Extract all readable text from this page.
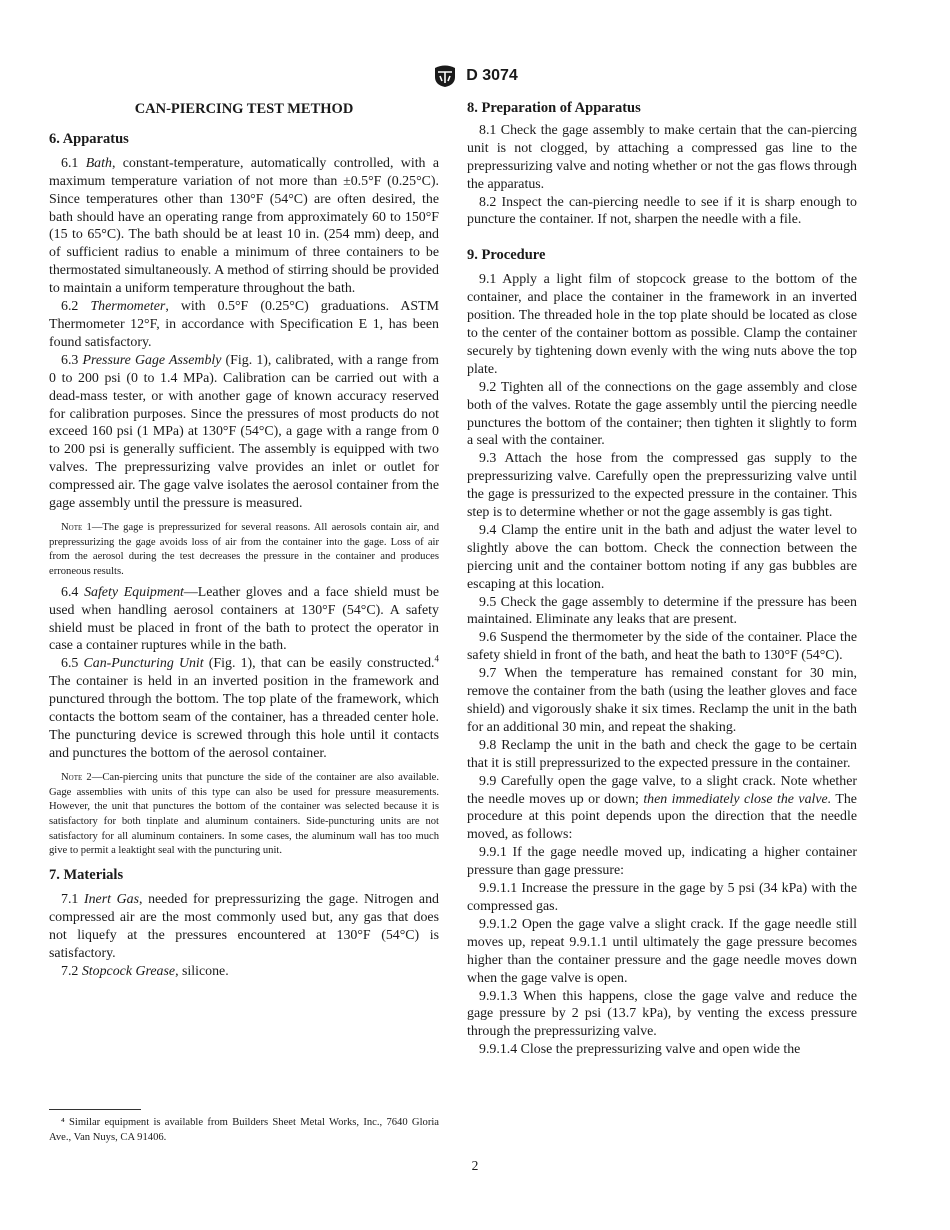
D 3074
CAN-PIERCING TEST METHOD
6. Apparatus

6.1 Bath, constant-temperature, automatically controlled, with a maximum temperature variation of not more than ±0.5°F (0.25°C). Since temperatures other than 130°F (54°C) are often desired, the bath should have an operating range from approximately 60 to 150°F (15 to 65°C). The bath should be at least 10 in. (254 mm) deep, and of sufficient radius to enable a minimum of three containers to be thermostated simultaneously. A method of stirring should be provided to maintain a uniform temperature throughout the bath.

6.2 Thermometer, with 0.5°F (0.25°C) graduations. ASTM Thermometer 12°F, in accordance with Specification E 1, has been found satisfactory.

6.3 Pressure Gage Assembly (Fig. 1), calibrated, with a range from 0 to 200 psi (0 to 1.4 MPa). Calibration can be carried out with a dead-mass tester, or with another gage of known accuracy reserved for calibration purposes. Since the pressures of most products do not exceed 160 psi (1 MPa) at 130°F (54°C), a gage with a range from 0 to 200 psi is generally sufficient. The assembly is equipped with two valves. The prepressurizing valve provides an inlet or outlet for compressed air. The gage valve isolates the aerosol container from the gage assembly until the pressure is measured.

Note 1—The gage is prepressurized for several reasons. All aerosols contain air, and prepressurizing the gage avoids loss of air from the container into the gage. Loss of air from the aerosol during the test decreases the pressure in the container and produces erroneous results.

6.4 Safety Equipment—Leather gloves and a face shield must be used when handling aerosol containers at 130°F (54°C). A safety shield must be placed in front of the bath to protect the operator in case a container ruptures while in the bath.

6.5 Can-Puncturing Unit (Fig. 1), that can be easily constructed.$^4$ The container is held in an inverted position in the framework and punctured through the bottom. The top plate of the framework, which contacts the bottom seam of the container, has a threaded center hole. The puncturing device is screwed through this hole until it contacts and punctures the bottom of the aerosol container.

Note 2—Can-piercing units that puncture the side of the container are also available. Gage assemblies with units of this type can also be used for pressure measurements. However, the unit that punctures the bottom of the container was selected because it is satisfactory for both tinplate and aluminum containers. Side-puncturing units are not satisfactory for all aluminum containers. In some cases, the aluminum wall has too much give to permit a leaktight seal with the puncturing unit.
7. Materials

7.1 Inert Gas, needed for prepressurizing the gage. Nitrogen and compressed air are the most commonly used but, any gas that does not liquefy at the pressures encountered at 130°F (54°C) is satisfactory.

7.2 Stopcock Grease, silicone.

⁴ Similar equipment is available from Builders Sheet Metal Works, Inc., 7640 Gloria Ave., Van Nuys, CA 91406.
8. Preparation of Apparatus

8.1 Check the gage assembly to make certain that the can-piercing unit is not clogged, by attaching a compressed gas line to the prepressurizing valve and noting whether or not the gas flows through the apparatus.

8.2 Inspect the can-piercing needle to see if it is sharp enough to puncture the container. If not, sharpen the needle with a file.

9. Procedure

9.1 Apply a light film of stopcock grease to the bottom of the container, and place the container in the framework in an inverted position. The threaded hole in the top plate should be located as close to the center of the container bottom as possible. Clamp the container securely by tightening down evenly with the wing nuts above the top plate.

9.2 Tighten all of the connections on the gage assembly and close both of the valves. Rotate the gage assembly until the piercing needle punctures the bottom of the container; then tighten it slightly to form a seal with the container.

9.3 Attach the hose from the compressed gas supply to the prepressurizing valve. Carefully open the prepressurizing valve until the gage is pressurized to the expected pressure in the container. This step is to determine whether or not the gage assembly is gas tight.

9.4 Clamp the entire unit in the bath and adjust the water level to slightly above the can bottom. Check the connection between the piercing unit and the container bottom noting if any gas bubbles are escaping at this location.

9.5 Check the gage assembly to determine if the pressure has been maintained. Eliminate any leaks that are present.

9.6 Suspend the thermometer by the side of the container. Place the safety shield in front of the bath, and heat the bath to 130°F (54°C).

9.7 When the temperature has remained constant for 30 min, remove the container from the bath (using the leather gloves and face shield) and vigorously shake it six times. Reclamp the unit in the bath for an additional 30 min, and repeat the shaking.

9.8 Reclamp the unit in the bath and check the gage to be certain that it is still prepressurized to the expected pressure in the container.

9.9 Carefully open the gage valve, to a slight crack. Note whether the needle moves up or down; then immediately close the valve. The procedure at this point depends upon the direction that the needle moved, as follows:

9.9.1 If the gage needle moved up, indicating a higher container pressure than gage pressure:

9.9.1.1 Increase the pressure in the gage by 5 psi (34 kPa) with the compressed gas.

9.9.1.2 Open the gage valve a slight crack. If the gage needle still moves up, repeat 9.9.1.1 until ultimately the gage pressure becomes higher than the container pressure and the gage needle moves down when the gage valve is open.

9.9.1.3 When this happens, close the gage valve and reduce the gage pressure by 2 psi (13.7 kPa), by venting the excess pressure through the prepressurizing valve.

9.9.1.4 Close the prepressurizing valve and open wide the

2
